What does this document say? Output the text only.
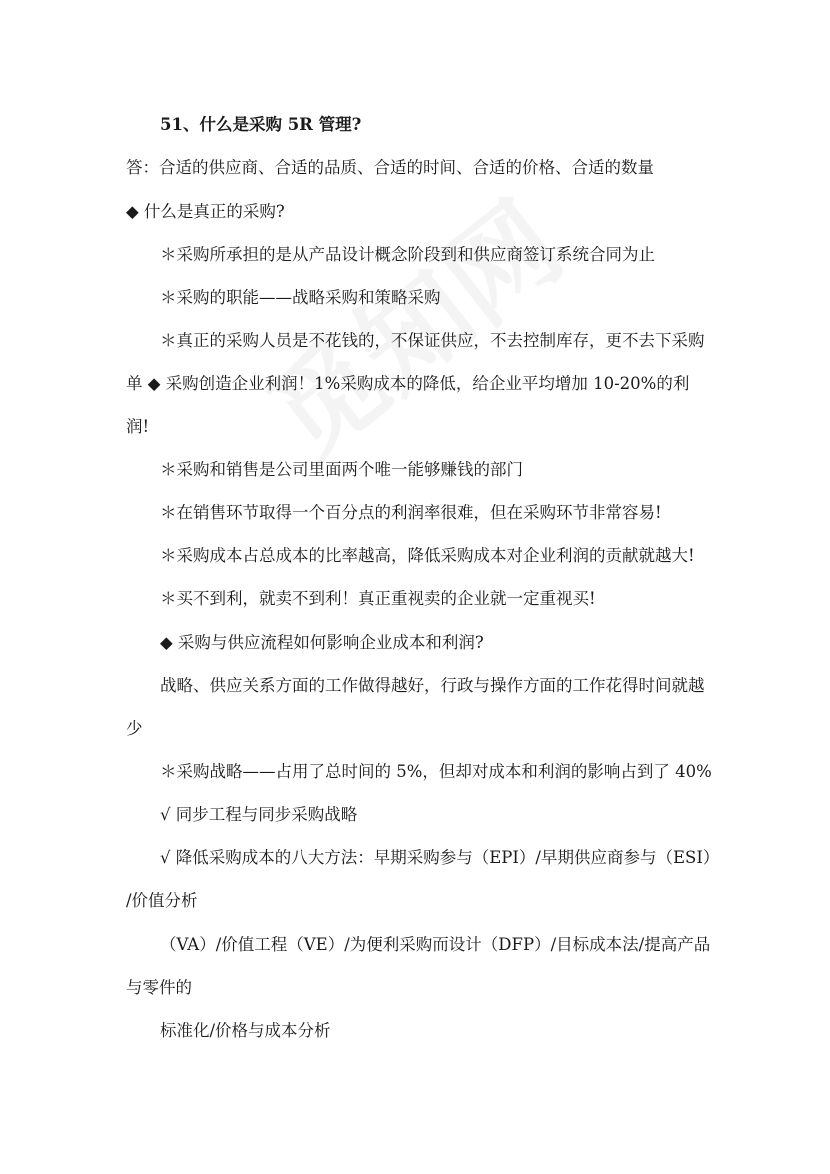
51、什么是采购 5R 管理?
答：合适的供应商、合适的品质、合适的时间、合适的价格、合适的数量
◆ 什么是真正的采购?
＊采购所承担的是从产品设计概念阶段到和供应商签订系统合同为止
＊采购的职能——战略采购和策略采购
＊真正的采购人员是不花钱的，不保证供应，不去控制库存，更不去下采购
单 ◆ 采购创造企业利润！1%采购成本的降低，给企业平均增加 10-20%的利
润!
＊采购和销售是公司里面两个唯一能够赚钱的部门
＊在销售环节取得一个百分点的利润率很难，但在采购环节非常容易!
＊采购成本占总成本的比率越高，降低采购成本对企业利润的贡献就越大!
＊买不到利，就卖不到利！真正重视卖的企业就一定重视买!
◆ 采购与供应流程如何影响企业成本和利润?
战略、供应关系方面的工作做得越好，行政与操作方面的工作花得时间就越
少
＊采购战略——占用了总时间的 5%，但却对成本和利润的影响占到了 40%
√ 同步工程与同步采购战略
√ 降低采购成本的八大方法：早期采购参与（EPI）/早期供应商参与（ESI）
/价值分析
（VA）/价值工程（VE）/为便利采购而设计（DFP）/目标成本法/提高产品
与零件的
标准化/价格与成本分析
